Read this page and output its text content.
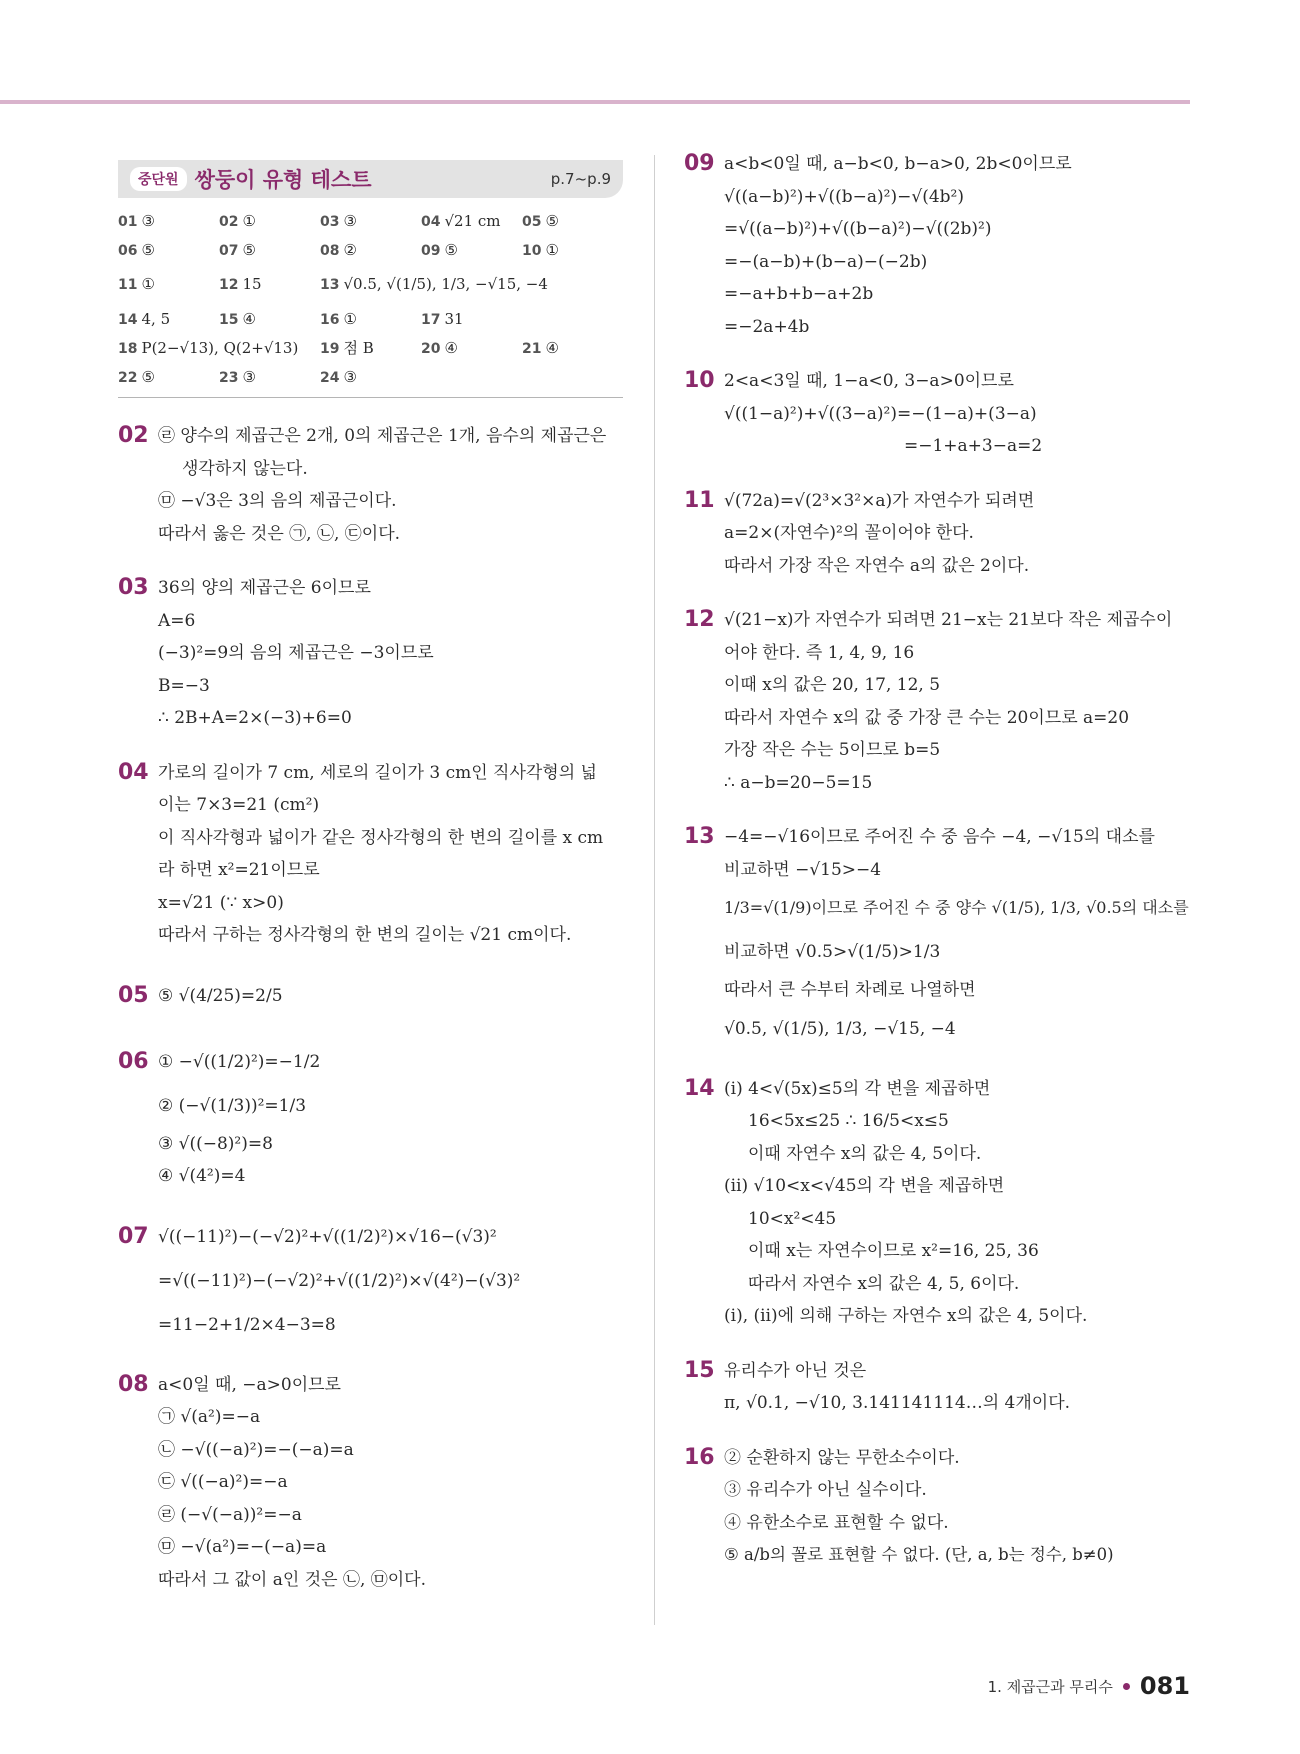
중단원 쌍둥이 유형 테스트	p.7~p.9
01 ③	02 ①	03 ③	04 √21 cm	05 ⑤
06 ⑤	07 ⑤	08 ②	09 ⑤	10 ①
11 ①	12 15	13 √0.5, √(1/5), 1/3, −√15, −4
14 4, 5	15 ④	16 ①	17 31
18 P(2−√13), Q(2+√13)	19 점 B	20 ④	21 ④
22 ⑤	23 ③	24 ③
02 ㉣ 양수의 제곱근은 2개, 0의 제곱근은 1개, 음수의 제곱근은
생각하지 않는다.
㉤ −√3은 3의 음의 제곱근이다.
따라서 옳은 것은 ㉠, ㉡, ㉢이다.
03 36의 양의 제곱근은 6이므로
A=6
(−3)²=9의 음의 제곱근은 −3이므로
B=−3
∴ 2B+A=2×(−3)+6=0
04 가로의 길이가 7 cm, 세로의 길이가 3 cm인 직사각형의 넓
이는 7×3=21 (cm²)
이 직사각형과 넓이가 같은 정사각형의 한 변의 길이를 x cm
라 하면 x²=21이므로
x=√21 (∵ x>0)
따라서 구하는 정사각형의 한 변의 길이는 √21 cm이다.
05 ⑤ √(4/25)=2/5
06 ① −√((1/2)²)=−1/2
② (−√(1/3))²=1/3
③ √((−8)²)=8
④ √(4²)=4
07 √((−11)²)−(−√2)²+√((1/2)²)×√16−(√3)²
=√((−11)²)−(−√2)²+√((1/2)²)×√(4²)−(√3)²
=11−2+1/2×4−3=8
08 a<0일 때, −a>0이므로
㉠ √(a²)=−a
㉡ −√((−a)²)=−(−a)=a
㉢ √((−a)²)=−a
㉣ (−√(−a))²=−a
㉤ −√(a²)=−(−a)=a
따라서 그 값이 a인 것은 ㉡, ㉤이다.
09 a<b<0일 때, a−b<0, b−a>0, 2b<0이므로
√((a−b)²)+√((b−a)²)−√(4b²)
=√((a−b)²)+√((b−a)²)−√((2b)²)
=−(a−b)+(b−a)−(−2b)
=−a+b+b−a+2b
=−2a+4b
10 2<a<3일 때, 1−a<0, 3−a>0이므로
√((1−a)²)+√((3−a)²)=−(1−a)+(3−a)
=−1+a+3−a=2
11 √(72a)=√(2³×3²×a)가 자연수가 되려면
a=2×(자연수)²의 꼴이어야 한다.
따라서 가장 작은 자연수 a의 값은 2이다.
12 √(21−x)가 자연수가 되려면 21−x는 21보다 작은 제곱수이
어야 한다. 즉 1, 4, 9, 16
이때 x의 값은 20, 17, 12, 5
따라서 자연수 x의 값 중 가장 큰 수는 20이므로 a=20
가장 작은 수는 5이므로 b=5
∴ a−b=20−5=15
13 −4=−√16이므로 주어진 수 중 음수 −4, −√15의 대소를
비교하면 −√15>−4
1/3=√(1/9)이므로 주어진 수 중 양수 √(1/5), 1/3, √0.5의 대소를
비교하면 √0.5>√(1/5)>1/3
따라서 큰 수부터 차례로 나열하면
√0.5, √(1/5), 1/3, −√15, −4
14 (ⅰ) 4<√(5x)≤5의 각 변을 제곱하면
16<5x≤25 ∴ 16/5<x≤5
이때 자연수 x의 값은 4, 5이다.
(ⅱ) √10<x<√45의 각 변을 제곱하면
10<x²<45
이때 x는 자연수이므로 x²=16, 25, 36
따라서 자연수 x의 값은 4, 5, 6이다.
(ⅰ), (ⅱ)에 의해 구하는 자연수 x의 값은 4, 5이다.
15 유리수가 아닌 것은
π, √0.1, −√10, 3.141141114…의 4개이다.
16 ② 순환하지 않는 무한소수이다.
③ 유리수가 아닌 실수이다.
④ 유한소수로 표현할 수 없다.
⑤ a/b의 꼴로 표현할 수 없다. (단, a, b는 정수, b≠0)
1. 제곱근과 무리수 081
